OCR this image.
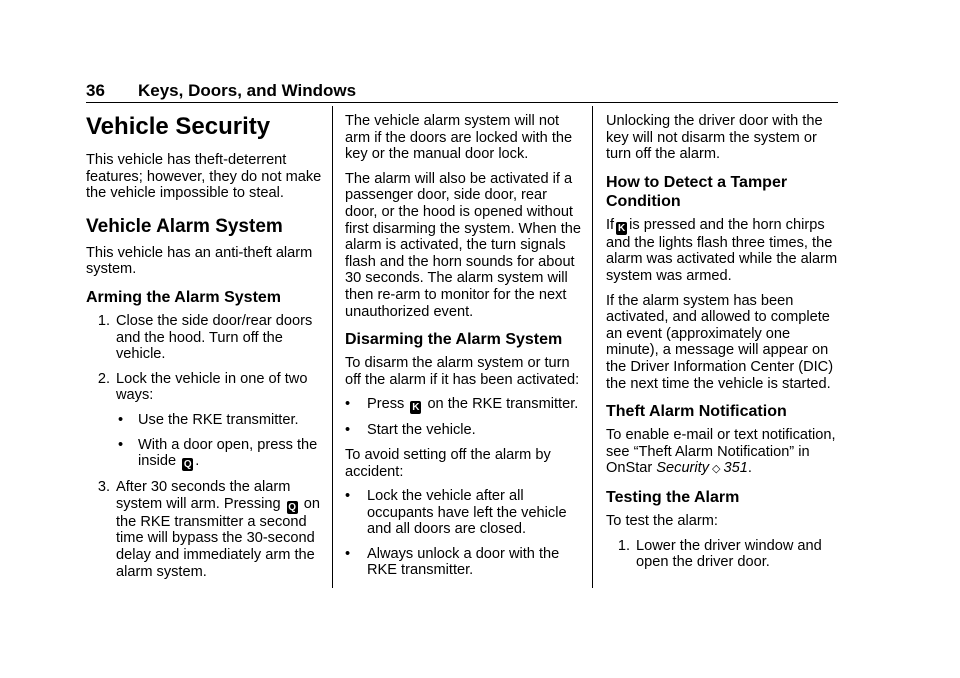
36 Keys, Doors, and Windows
Vehicle Security

This vehicle has theft-deterrent features; however, they do not make the vehicle impossible to steal.

Vehicle Alarm System

This vehicle has an anti-theft alarm system.

Arming the Alarm System
1. Close the side door/rear doors and the hood. Turn off the vehicle.
2. Lock the vehicle in one of two ways:
• Use the RKE transmitter.
• With a door open, press the inside Q .
3. After 30 seconds the alarm system will arm. Pressing Q on the RKE transmitter a second time will bypass the 30-second delay and immediately arm the alarm system.

The vehicle alarm system will not arm if the doors are locked with the key or the manual door lock.

The alarm will also be activated if a passenger door, side door, rear door, or the hood is opened without first disarming the system. When the alarm is activated, the turn signals flash and the horn sounds for about 30 seconds. The alarm system will then re-arm to monitor for the next unauthorized event.

Disarming the Alarm System

To disarm the alarm system or turn off the alarm if it has been activated:

• Press K on the RKE transmitter.
• Start the vehicle.

To avoid setting off the alarm by accident:

• Lock the vehicle after all occupants have left the vehicle and all doors are closed.
• Always unlock a door with the RKE transmitter.

Unlocking the driver door with the key will not disarm the system or turn off the alarm.

How to Detect a Tamper Condition

If K is pressed and the horn chirps and the lights flash three times, the alarm was activated while the alarm system was armed.

If the alarm system has been activated, and allowed to complete an event (approximately one minute), a message will appear on the Driver Information Center (DIC) the next time the vehicle is started.

Theft Alarm Notification

To enable e-mail or text notification, see “Theft Alarm Notification” in OnStar Security ◇ 351.

Testing the Alarm

To test the alarm:

1. Lower the driver window and open the driver door.
